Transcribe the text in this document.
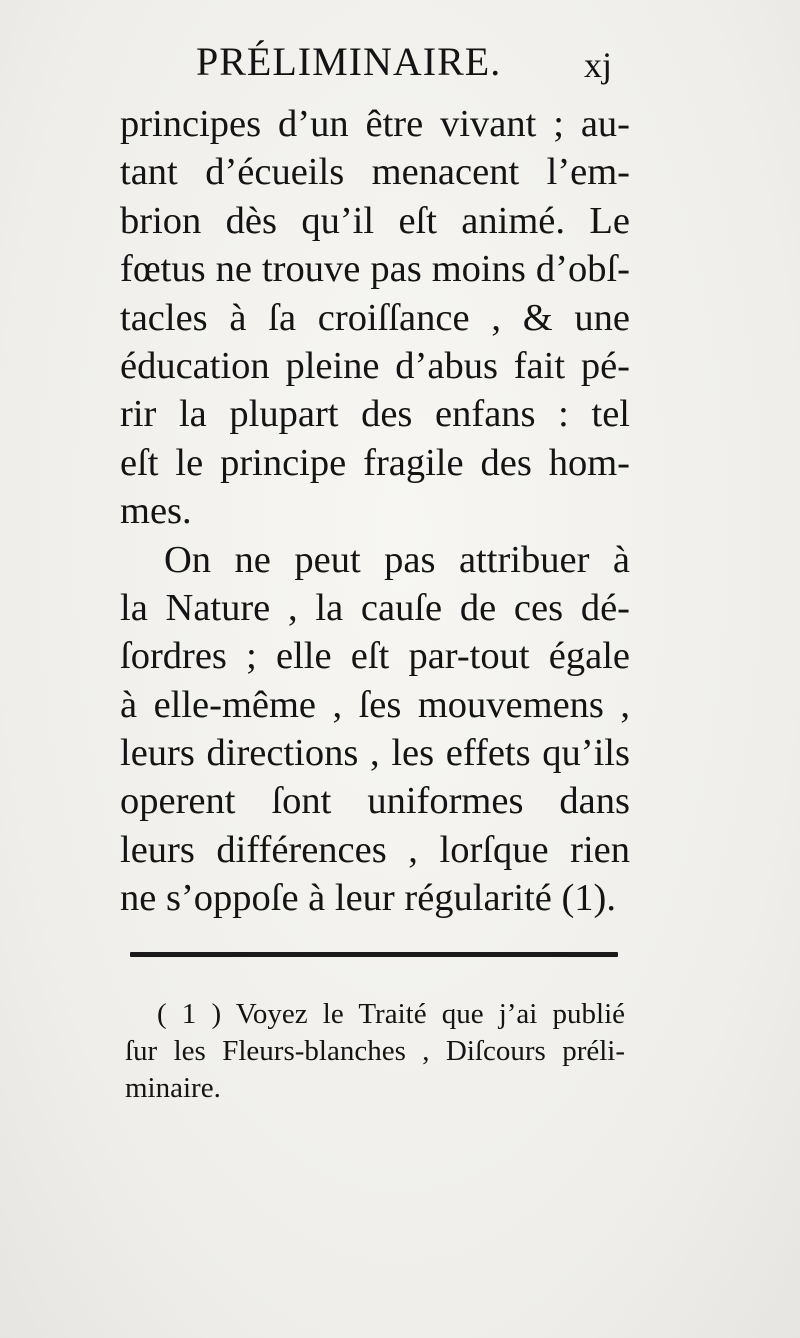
PRÉLIMINAIRE. xj
principes d’un être vivant ; au-
tant d’écueils menacent l’em-
brion dès qu’il eſt animé. Le
fœtus ne trouve pas moins d’obſ-
tacles à ſa croiſſance , & une
éducation pleine d’abus fait pé-
rir la plupart des enfans : tel
eſt le principe fragile des hom-
mes.
On ne peut pas attribuer à
la Nature , la cauſe de ces dé-
ſordres ; elle eſt par-tout égale
à elle-même , ſes mouvemens ,
leurs directions , les effets qu’ils
operent ſont uniformes dans
leurs différences , lorſque rien
ne s’oppoſe à leur régularité (1).
( 1 ) Voyez le Traité que j’ai publié
ſur les Fleurs-blanches , Diſcours préli-
minaire.
